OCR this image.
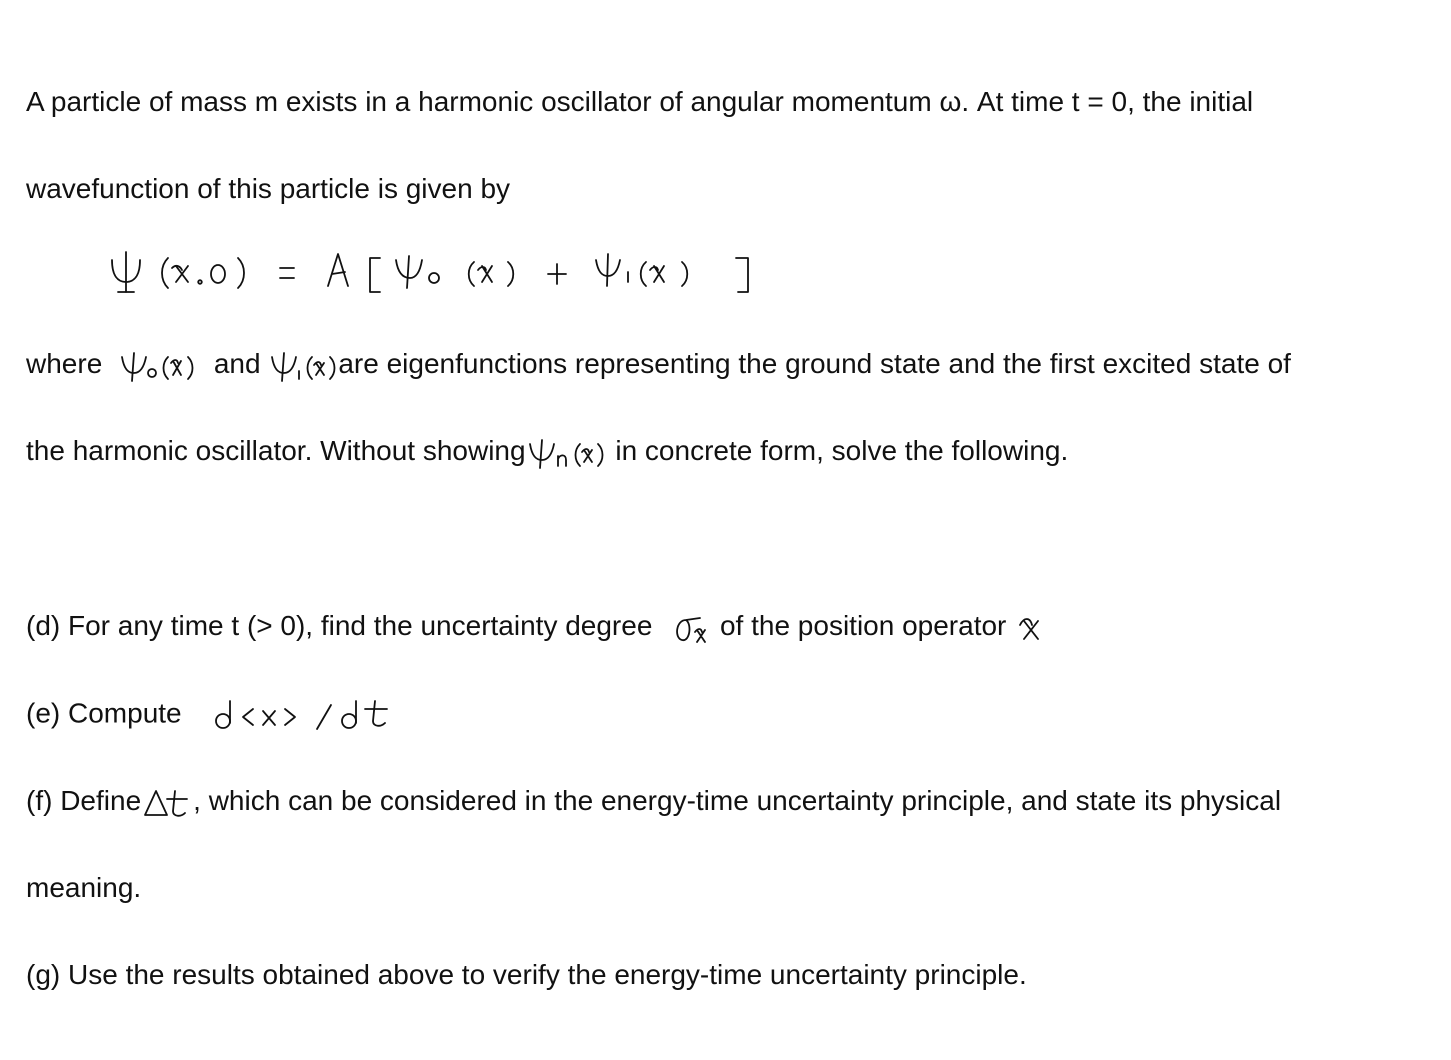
A particle of mass m exists in a harmonic oscillator of angular momentum ω. At time t = 0, the initial
wavefunction of this particle is given by
where	and	are eigenfunctions representing the ground state and the first excited state of
the harmonic oscillator. Without showing	in concrete form, solve the following.
(d) For any time t (> 0), find the uncertainty degree of the position operator
(e) Compute
(f) Define , which can be considered in the energy-time uncertainty principle, and state its physical
meaning.
(g) Use the results obtained above to verify the energy-time uncertainty principle.
